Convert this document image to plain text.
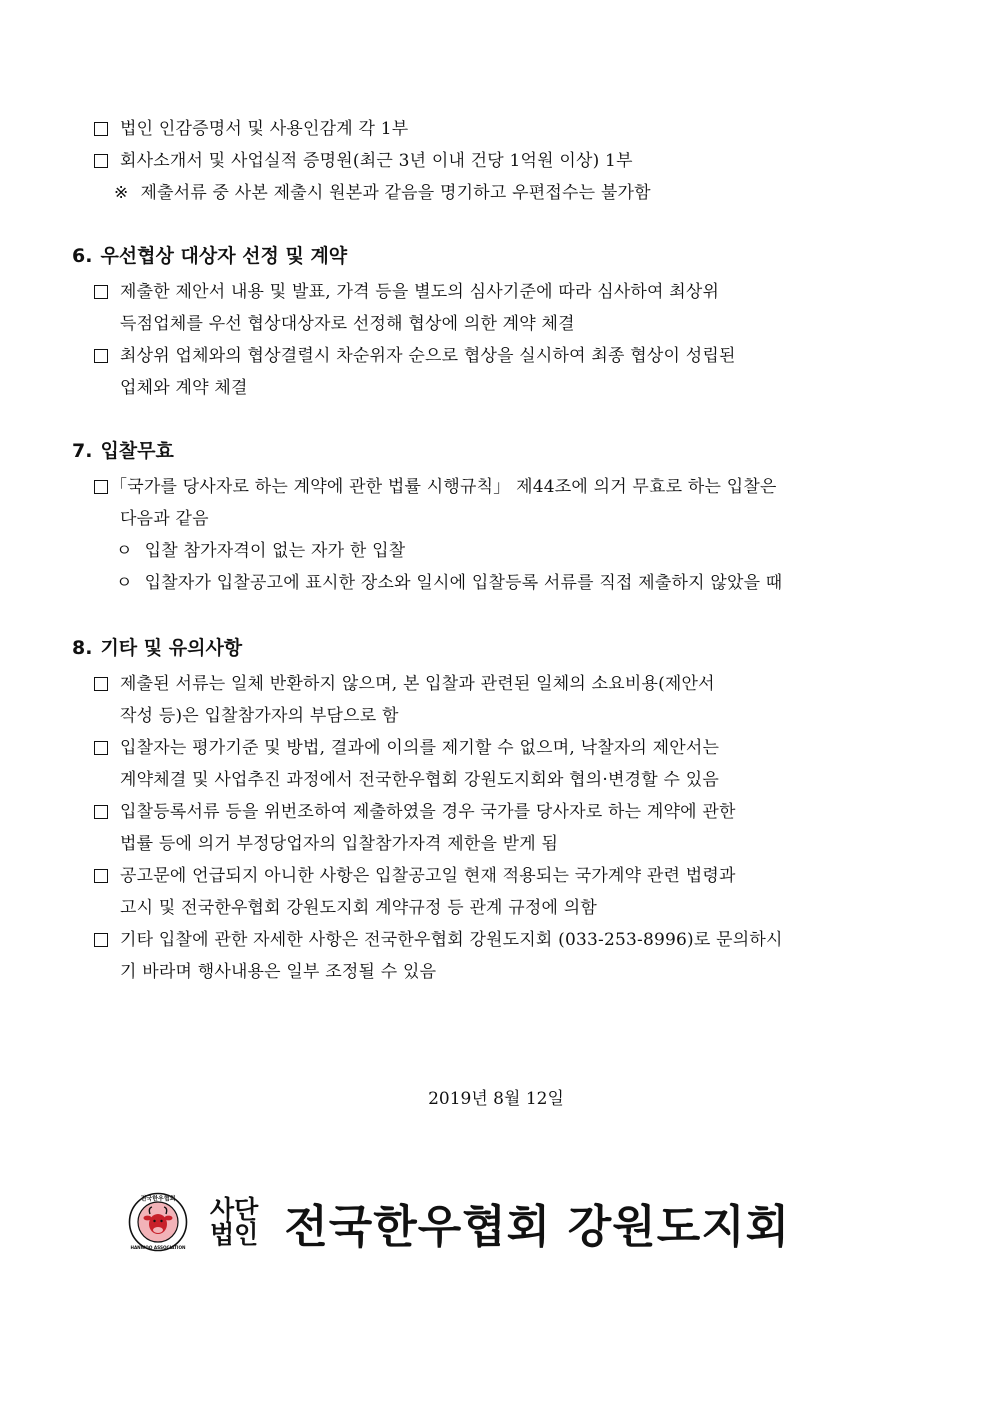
법인 인감증명서 및 사용인감계 각 1부
회사소개서 및 사업실적 증명원(최근 3년 이내 건당 1억원 이상) 1부
※ 제출서류 중 사본 제출시 원본과 같음을 명기하고 우편접수는 불가함
6. 우선협상 대상자 선정 및 계약
제출한 제안서 내용 및 발표, 가격 등을 별도의 심사기준에 따라 심사하여 최상위
득점업체를 우선 협상대상자로 선정해 협상에 의한 계약 체결
최상위 업체와의 협상결렬시 차순위자 순으로 협상을 실시하여 최종 협상이 성립된
업체와 계약 체결
7. 입찰무효
「국가를 당사자로 하는 계약에 관한 법률 시행규칙」 제44조에 의거 무효로 하는 입찰은
다음과 같음
ㅇ 입찰 참가자격이 없는 자가 한 입찰
ㅇ 입찰자가 입찰공고에 표시한 장소와 일시에 입찰등록 서류를 직접 제출하지 않았을 때
8. 기타 및 유의사항
제출된 서류는 일체 반환하지 않으며, 본 입찰과 관련된 일체의 소요비용(제안서
작성 등)은 입찰참가자의 부담으로 함
입찰자는 평가기준 및 방법, 결과에 이의를 제기할 수 없으며, 낙찰자의 제안서는
계약체결 및 사업추진 과정에서 전국한우협회 강원도지회와 협의·변경할 수 있음
입찰등록서류 등을 위번조하여 제출하였을 경우 국가를 당사자로 하는 계약에 관한
법률 등에 의거 부정당업자의 입찰참가자격 제한을 받게 됨
공고문에 언급되지 아니한 사항은 입찰공고일 현재 적용되는 국가계약 관련 법령과
고시 및 전국한우협회 강원도지회 계약규정 등 관계 규정에 의함
기타 입찰에 관한 자세한 사항은 전국한우협회 강원도지회 (033-253-8996)로 문의하시
기 바라며 행사내용은 일부 조정될 수 있음
2019년 8월 12일
전국한우협회
HANWOO ASSOCIATION
사단
법인 전국한우협회 강원도지회
